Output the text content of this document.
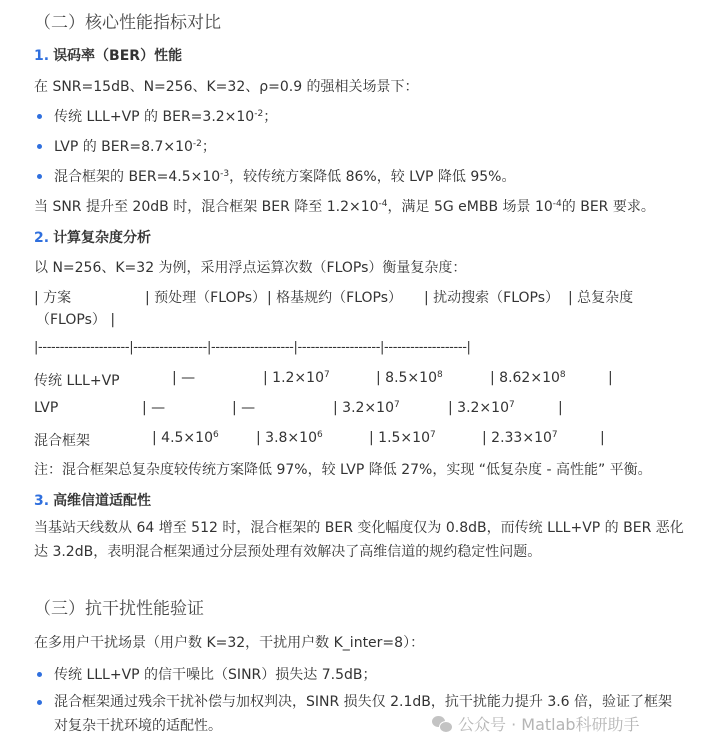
（二）核心性能指标对比
1. 误码率（BER）性能
在 SNR=15dB、N=256、K=32、ρ=0.9 的强相关场景下：
传统 LLL+VP 的 $BER=3.2\times 10^{-2}$；
LVP 的 $BER=8.7\times 10^{-2}$；
混合框架的 $BER=4.5\times 10^{-3}$，较传统方案降低 86%，较 LVP 降低 95%。
当 SNR 提升至 20dB 时，混合框架 BER 降至 $1.2\times 10^{-4}$，满足 5G eMBB 场景 $10^{-4}$的 BER 要求。
2. 计算复杂度分析
以 N=256、K=32 为例，采用浮点运算次数（FLOPs）衡量复杂度：

| 方案

	| 预处理（FLOPs）

| 格基规约（FLOPs）

| 扰动搜索（FLOPs）

| 总复杂度

（FLOPs） |
|---------------------|-----------------|-------------------|-------------------|-------------------|

传统 LLL+VP

	| —

	| $1.2\times 10^7$

	| $8.5\times 10^8$

	| $8.62\times 10^8$

	|

LVP

	| —

	| —

	| $3.2\times 10^7$

	| $3.2\times 10^7$

	|

混合框架

	| $4.5\times 10^6$

	| $3.8\times 10^6$

	| $1.5\times 10^7$

	| $2.33\times 10^7$

	|

注：混合框架总复杂度较传统方案降低 97%，较 LVP 降低 27%，实现 “低复杂度 - 高性能” 平衡。
3. 高维信道适配性
当基站天线数从 64 增至 512 时，混合框架的 BER 变化幅度仅为 0.8dB，而传统 LLL+VP 的 BER 恶化达 3.2dB，表明混合框架通过分层预处理有效解决了高维信道的规约稳定性问题。
（三）抗干扰性能验证
在多用户干扰场景（用户数 K=32，干扰用户数 K_inter=8）：
传统 LLL+VP 的信干噪比（SINR）损失达 7.5dB；
混合框架通过残余干扰补偿与加权判决，SINR 损失仅 2.1dB，抗干扰能力提升 3.6 倍，验证了框架对复杂干扰环境的适配性。	公众号 · Matlab科研助手
